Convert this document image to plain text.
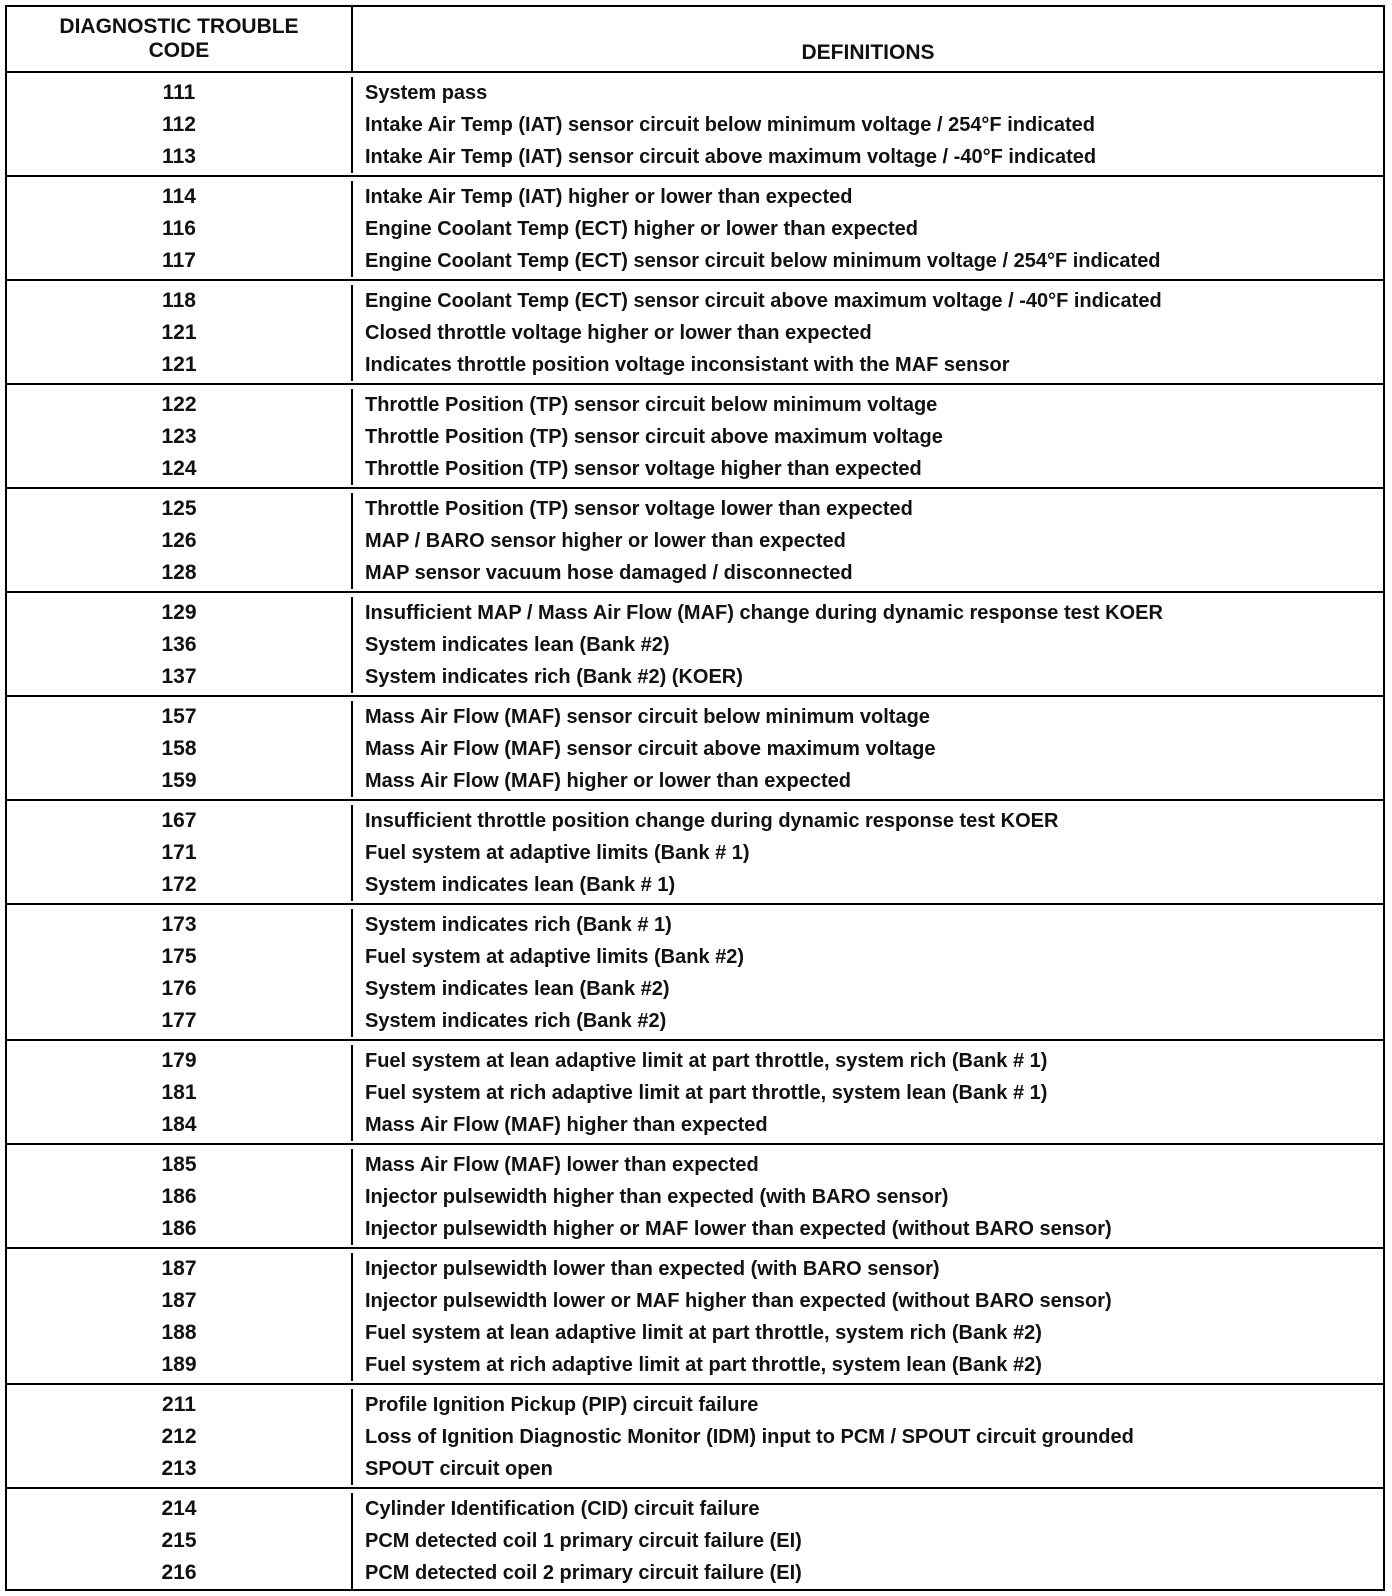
DIAGNOSTIC TROUBLE
CODE	DEFINITIONS
111
112
113
System pass
Intake Air Temp (IAT) sensor circuit below minimum voltage / 254°F indicated
Intake Air Temp (IAT) sensor circuit above maximum voltage / -40°F indicated
114
116
117
Intake Air Temp (IAT) higher or lower than expected
Engine Coolant Temp (ECT) higher or lower than expected
Engine Coolant Temp (ECT) sensor circuit below minimum voltage / 254°F indicated
118
121
121
Engine Coolant Temp (ECT) sensor circuit above maximum voltage / -40°F indicated
Closed throttle voltage higher or lower than expected
Indicates throttle position voltage inconsistant with the MAF sensor
122
123
124
Throttle Position (TP) sensor circuit below minimum voltage
Throttle Position (TP) sensor circuit above maximum voltage
Throttle Position (TP) sensor voltage higher than expected
125
126
128
Throttle Position (TP) sensor voltage lower than expected
MAP / BARO sensor higher or lower than expected
MAP sensor vacuum hose damaged / disconnected
129
136
137
Insufficient MAP / Mass Air Flow (MAF) change during dynamic response test KOER
System indicates lean (Bank #2)
System indicates rich (Bank #2) (KOER)
157
158
159
Mass Air Flow (MAF) sensor circuit below minimum voltage
Mass Air Flow (MAF) sensor circuit above maximum voltage
Mass Air Flow (MAF) higher or lower than expected
167
171
172
Insufficient throttle position change during dynamic response test KOER
Fuel system at adaptive limits (Bank # 1)
System indicates lean (Bank # 1)
173
175
176
177
System indicates rich (Bank # 1)
Fuel system at adaptive limits (Bank #2)
System indicates lean (Bank #2)
System indicates rich (Bank #2)
179
181
184
Fuel system at lean adaptive limit at part throttle, system rich (Bank # 1)
Fuel system at rich adaptive limit at part throttle, system lean (Bank # 1)
Mass Air Flow (MAF) higher than expected
185
186
186
Mass Air Flow (MAF) lower than expected
Injector pulsewidth higher than expected (with BARO sensor)
Injector pulsewidth higher or MAF lower than expected (without BARO sensor)
187
187
188
189
Injector pulsewidth lower than expected (with BARO sensor)
Injector pulsewidth lower or MAF higher than expected (without BARO sensor)
Fuel system at lean adaptive limit at part throttle, system rich (Bank #2)
Fuel system at rich adaptive limit at part throttle, system lean (Bank #2)
211
212
213
Profile Ignition Pickup (PIP) circuit failure
Loss of Ignition Diagnostic Monitor (IDM) input to PCM / SPOUT circuit grounded
SPOUT circuit open
214
215
216
Cylinder Identification (CID) circuit failure
PCM detected coil 1 primary circuit failure (EI)
PCM detected coil 2 primary circuit failure (EI)
